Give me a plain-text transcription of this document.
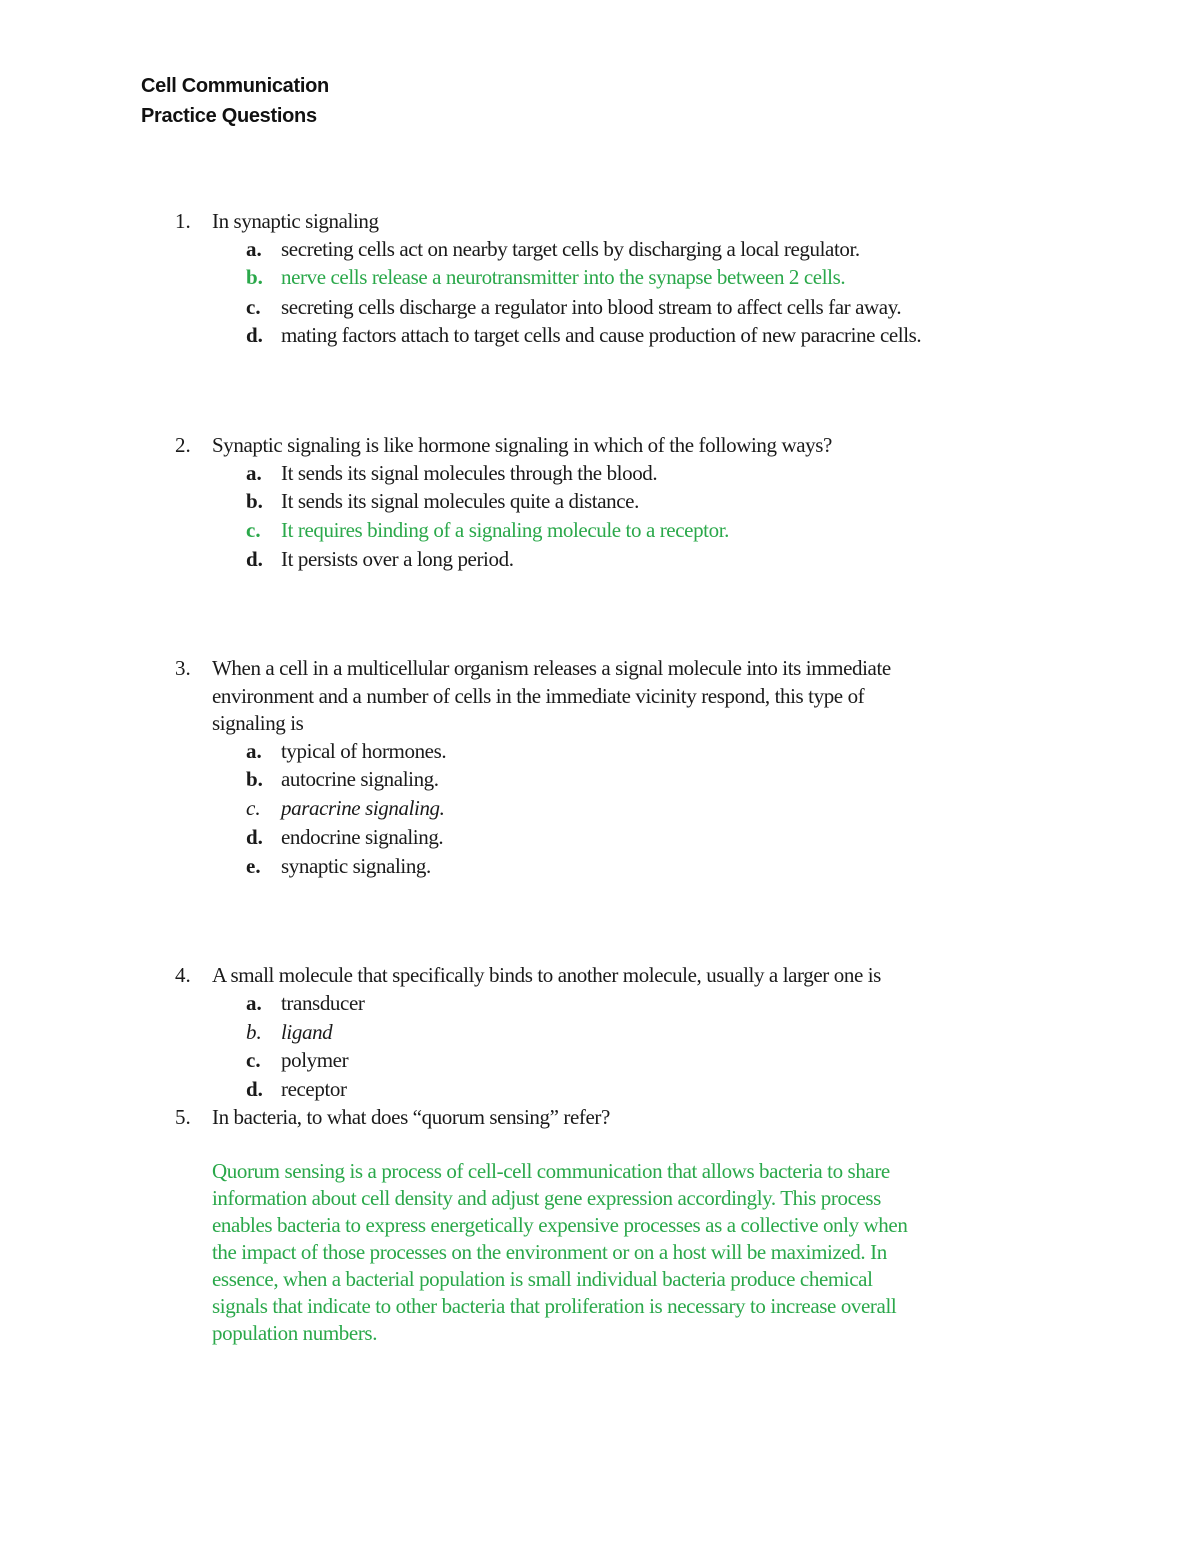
Cell Communication
Practice Questions
1. In synaptic signaling
a. secreting cells act on nearby target cells by discharging a local regulator.
b. nerve cells release a neurotransmitter into the synapse between 2 cells.
c. secreting cells discharge a regulator into blood stream to affect cells far away.
d. mating factors attach to target cells and cause production of new paracrine cells.
2. Synaptic signaling is like hormone signaling in which of the following ways?
a. It sends its signal molecules through the blood.
b. It sends its signal molecules quite a distance.
c. It requires binding of a signaling molecule to a receptor.
d. It persists over a long period.
3. When a cell in a multicellular organism releases a signal molecule into its immediate
environment and a number of cells in the immediate vicinity respond, this type of
signaling is
a. typical of hormones.
b. autocrine signaling.
c. paracrine signaling.
d. endocrine signaling.
e. synaptic signaling.
4. A small molecule that specifically binds to another molecule, usually a larger one is
a. transducer
b. ligand
c. polymer
d. receptor
5. In bacteria, to what does “quorum sensing” refer?
Quorum sensing is a process of cell-cell communication that allows bacteria to share
information about cell density and adjust gene expression accordingly. This process
enables bacteria to express energetically expensive processes as a collective only when
the impact of those processes on the environment or on a host will be maximized. In
essence, when a bacterial population is small individual bacteria produce chemical
signals that indicate to other bacteria that proliferation is necessary to increase overall
population numbers.
